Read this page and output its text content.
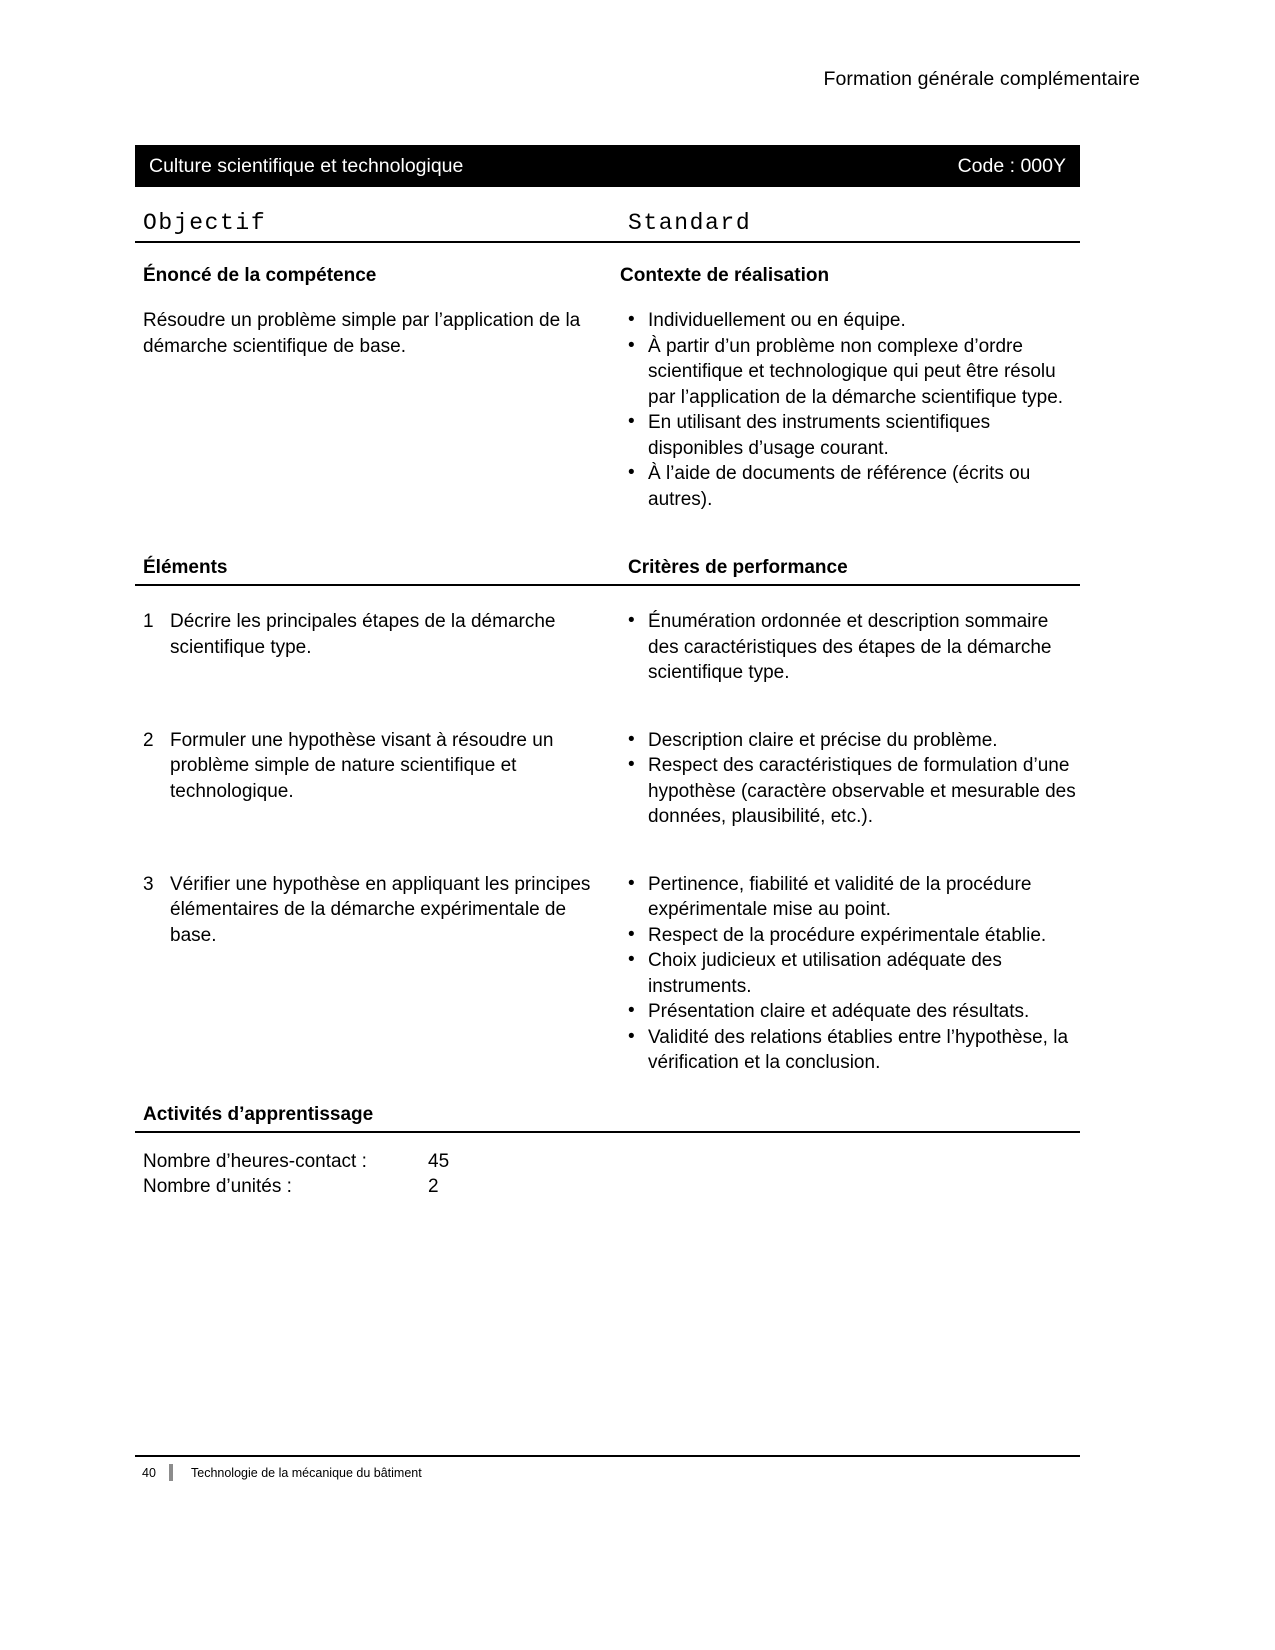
Formation générale complémentaire
Culture scientifique et technologique	Code : 000Y
Objectif	Standard
Énoncé de la compétence	Contexte de réalisation
Résoudre un problème simple par l’application de la démarche scientifique de base.
• Individuellement ou en équipe.
• À partir d’un problème non complexe d’ordre scientifique et technologique qui peut être résolu par l’application de la démarche scientifique type.
• En utilisant des instruments scientifiques disponibles d’usage courant.
• À l’aide de documents de référence (écrits ou autres).
Éléments	Critères de performance
1 Décrire les principales étapes de la démarche scientifique type.
• Énumération ordonnée et description sommaire des caractéristiques des étapes de la démarche scientifique type.
2 Formuler une hypothèse visant à résoudre un problème simple de nature scientifique et technologique.
• Description claire et précise du problème.
• Respect des caractéristiques de formulation d’une hypothèse (caractère observable et mesurable des données, plausibilité, etc.).
3 Vérifier une hypothèse en appliquant les principes élémentaires de la démarche expérimentale de base.
• Pertinence, fiabilité et validité de la procédure expérimentale mise au point.
• Respect de la procédure expérimentale établie.
• Choix judicieux et utilisation adéquate des instruments.
• Présentation claire et adéquate des résultats.
• Validité des relations établies entre l’hypothèse, la vérification et la conclusion.
Activités d’apprentissage
Nombre d’heures-contact :	45
Nombre d’unités :	2
40	Technologie de la mécanique du bâtiment
